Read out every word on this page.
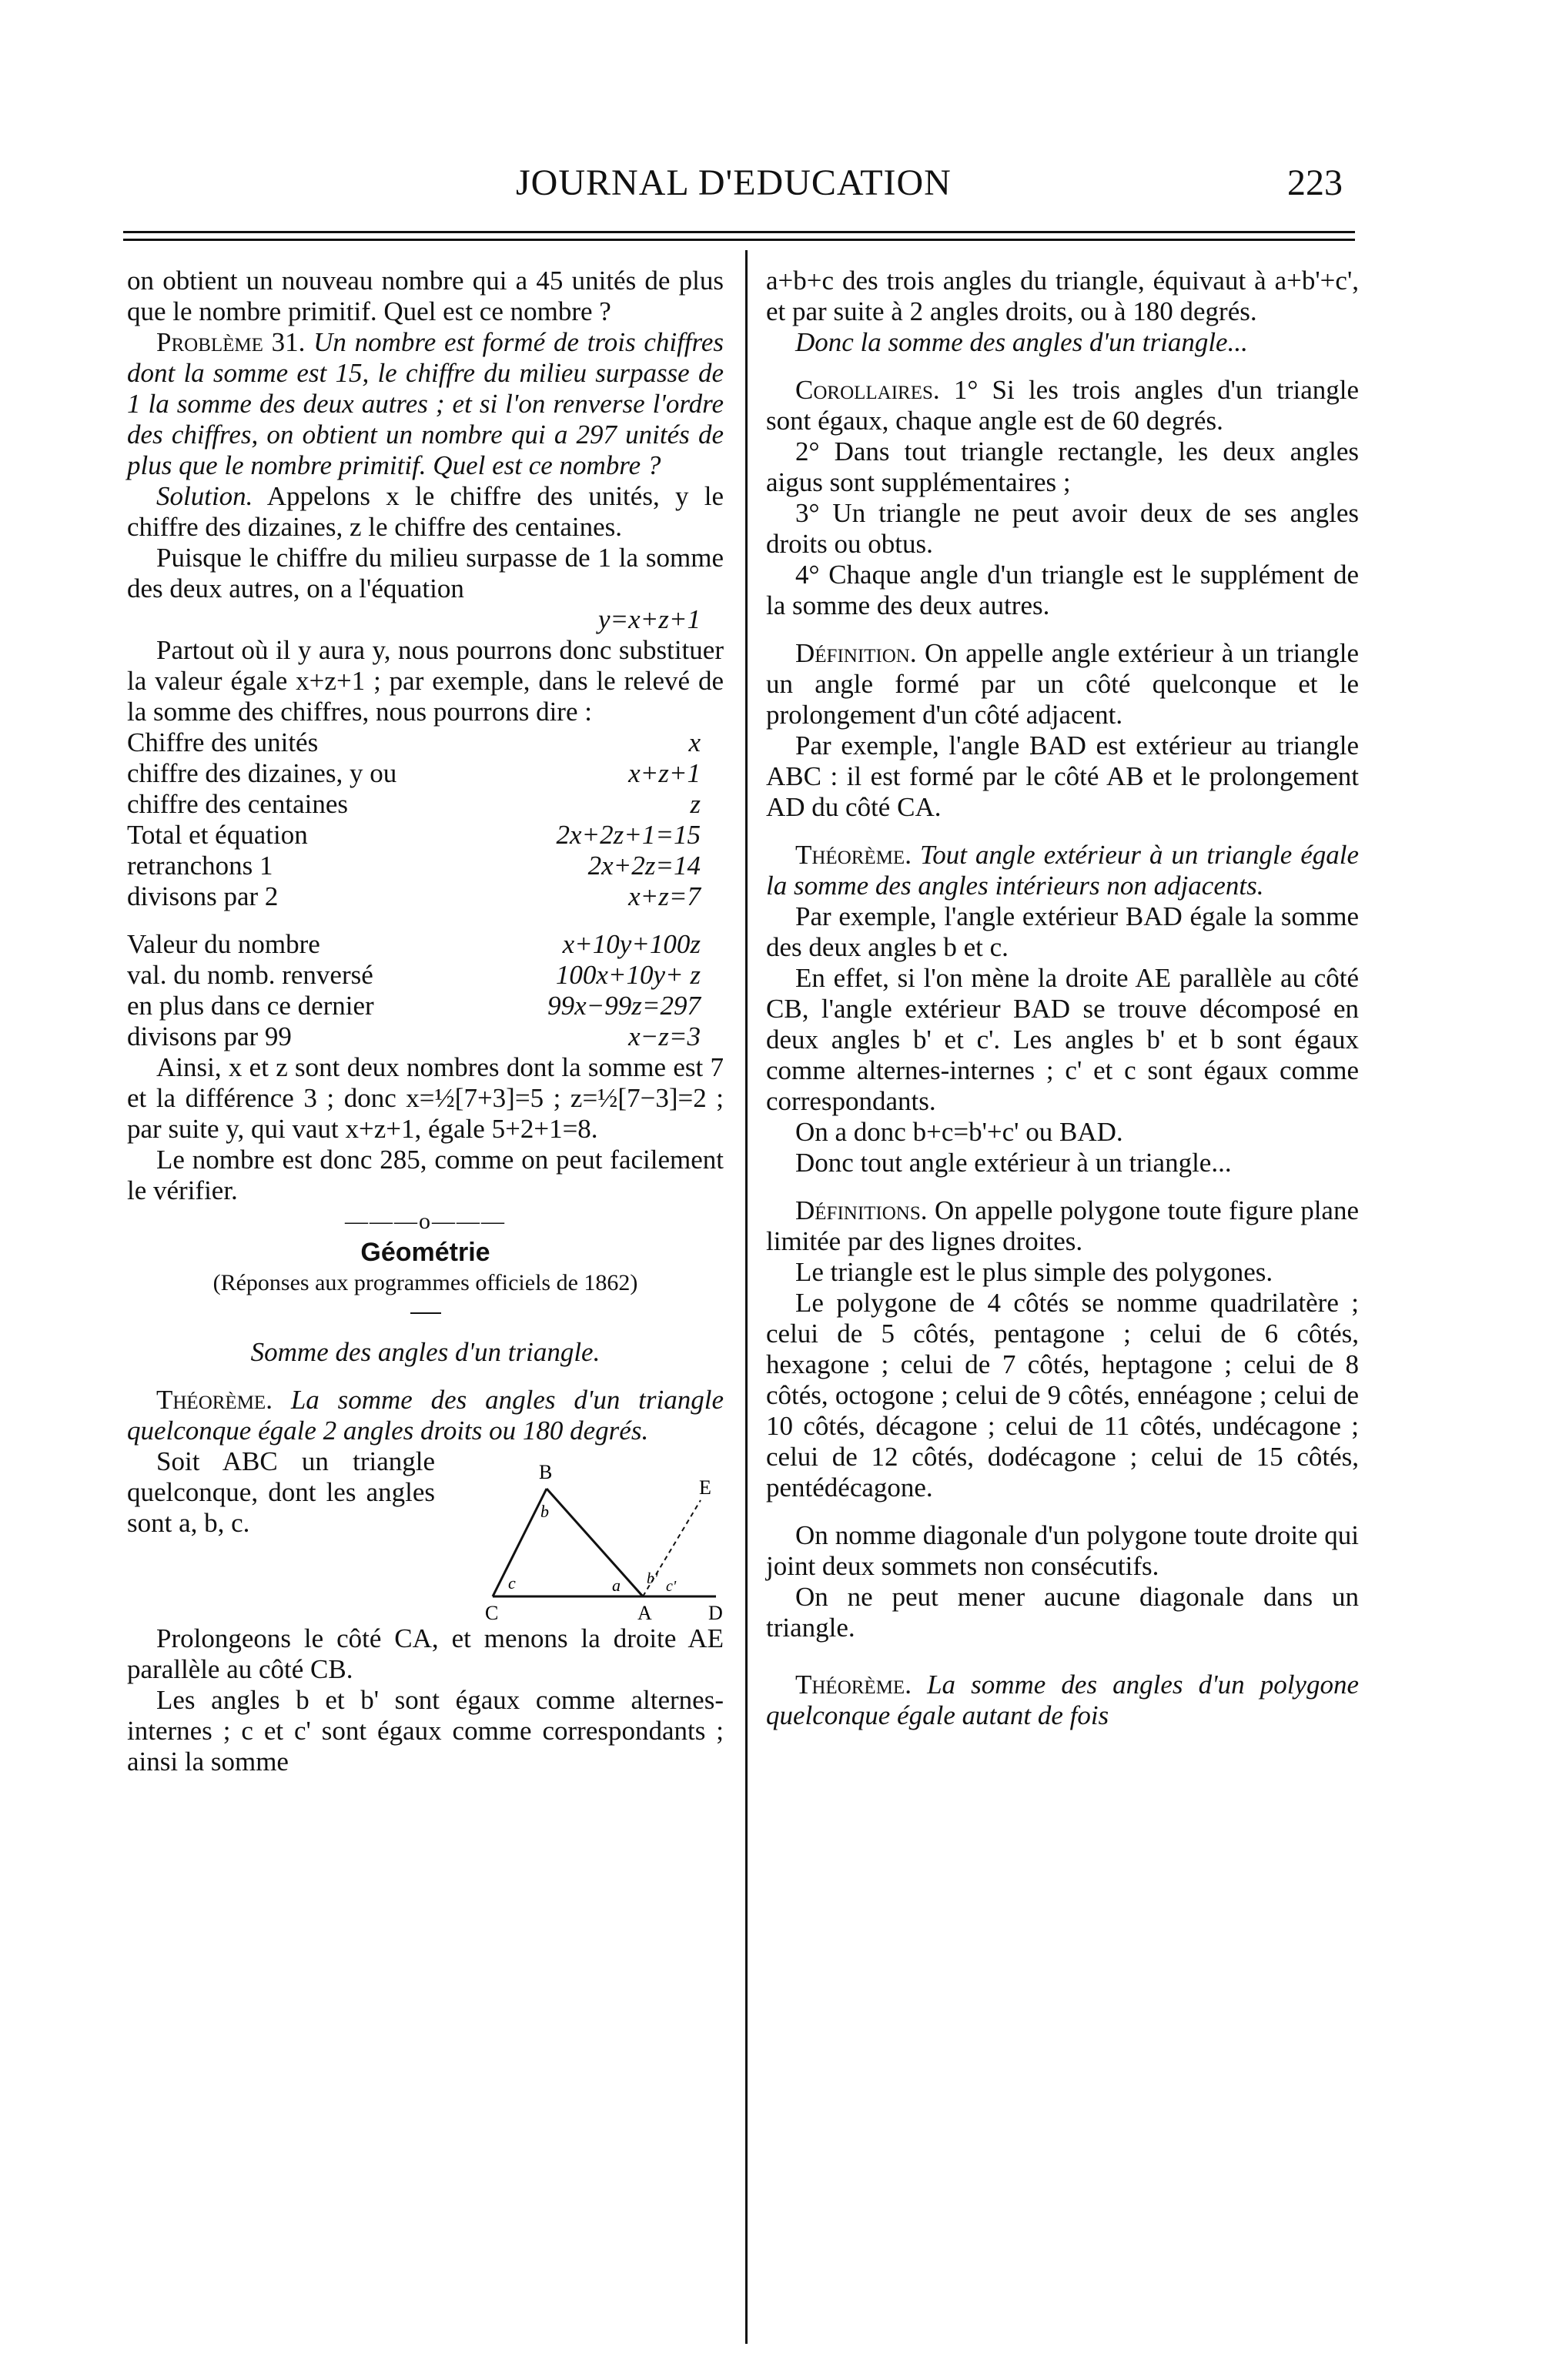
JOURNAL D'EDUCATION	223

on obtient un nouveau nombre qui a 45 unités de plus que le nombre primitif. Quel est ce nombre ?

Problème 31. Un nombre est formé de trois chiffres dont la somme est 15, le chiffre du milieu surpasse de 1 la somme des deux autres ; et si l'on renverse l'ordre des chiffres, on obtient un nombre qui a 297 unités de plus que le nombre primitif. Quel est ce nombre ?

Solution. Appelons x le chiffre des unités, y le chiffre des dizaines, z le chiffre des centaines.

Puisque le chiffre du milieu surpasse de 1 la somme des deux autres, on a l'équation

y=x+z+1

Partout où il y aura y, nous pourrons donc substituer la valeur égale x+z+1 ; par exemple, dans le relevé de la somme des chiffres, nous pourrons dire :

Chiffre des unités	x

chiffre des dizaines, y ou	x+z+1

chiffre des centaines	z

Total et équation	2x+2z+1=15

retranchons 1	2x+2z=14

divisons par 2	x+z=7

Valeur du nombre	x+10y+100z

val. du nomb. renversé	100x+10y+ z

en plus dans ce dernier	99x−99z=297

divisons par 99	x−z=3

Ainsi, x et z sont deux nombres dont la somme est 7 et la différence 3 ; donc x=½[7+3]=5 ; z=½[7−3]=2 ; par suite y, qui vaut x+z+1, égale 5+2+1=8.

Le nombre est donc 285, comme on peut facilement le vérifier.

———o———

Géométrie

(Réponses aux programmes officiels de 1862)

Somme des angles d'un triangle.

Théorème. La somme des angles d'un triangle quelconque égale 2 angles droits ou 180 degrés.

Soit ABC un triangle quelconque, dont les angles sont a, b, c.

B
E
C	A	D
b
c	a b' c'

Prolongeons le côté CA, et menons la droite AE parallèle au côté CB.

Les angles b et b' sont égaux comme alternes-internes ; c et c' sont égaux comme correspondants ; ainsi la somme

a+b+c des trois angles du triangle, équivaut à a+b'+c', et par suite à 2 angles droits, ou à 180 degrés.

Donc la somme des angles d'un triangle...

Corollaires. 1° Si les trois angles d'un triangle sont égaux, chaque angle est de 60 degrés.

2° Dans tout triangle rectangle, les deux angles aigus sont supplémentaires ;

3° Un triangle ne peut avoir deux de ses angles droits ou obtus.

4° Chaque angle d'un triangle est le supplément de la somme des deux autres.

Définition. On appelle angle extérieur à un triangle un angle formé par un côté quelconque et le prolongement d'un côté adjacent.

Par exemple, l'angle BAD est extérieur au triangle ABC : il est formé par le côté AB et le prolongement AD du côté CA.

Théorème. Tout angle extérieur à un triangle égale la somme des angles intérieurs non adjacents.

Par exemple, l'angle extérieur BAD égale la somme des deux angles b et c.

En effet, si l'on mène la droite AE parallèle au côté CB, l'angle extérieur BAD se trouve décomposé en deux angles b' et c'. Les angles b' et b sont égaux comme alternes-internes ; c' et c sont égaux comme correspondants.

On a donc b+c=b'+c' ou BAD.

Donc tout angle extérieur à un triangle...

Définitions. On appelle polygone toute figure plane limitée par des lignes droites.

Le triangle est le plus simple des polygones.

Le polygone de 4 côtés se nomme quadrilatère ; celui de 5 côtés, pentagone ; celui de 6 côtés, hexagone ; celui de 7 côtés, heptagone ; celui de 8 côtés, octogone ; celui de 9 côtés, ennéagone ; celui de 10 côtés, décagone ; celui de 11 côtés, undécagone ; celui de 12 côtés, dodécagone ; celui de 15 côtés, pentédécagone.

On nomme diagonale d'un polygone toute droite qui joint deux sommets non consécutifs.

On ne peut mener aucune diagonale dans un triangle.

Théorème. La somme des angles d'un polygone quelconque égale autant de fois
